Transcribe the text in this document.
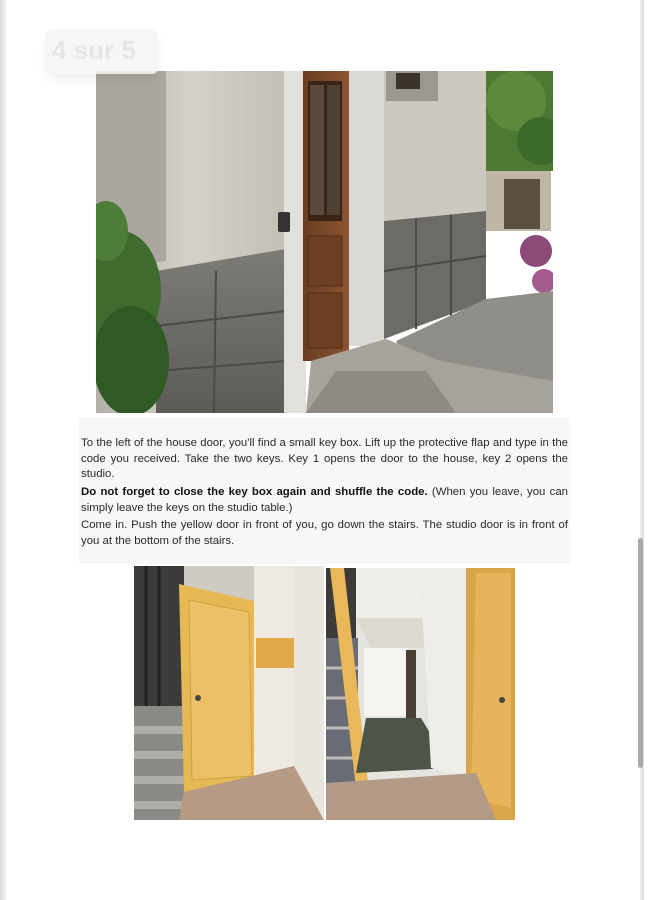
To the left of the house door, you'll find a small key box. Lift up the protective flap and type in the code you received. Take the two keys. Key 1 opens the door to the house, key 2 opens the studio.

Do not forget to close the key box again and shuffle the code. (When you leave, you can simply leave the keys on the studio table.)

Come in. Push the yellow door in front of you, go down the stairs. The studio door is in front of you at the bottom of the stairs.

4 sur 5
